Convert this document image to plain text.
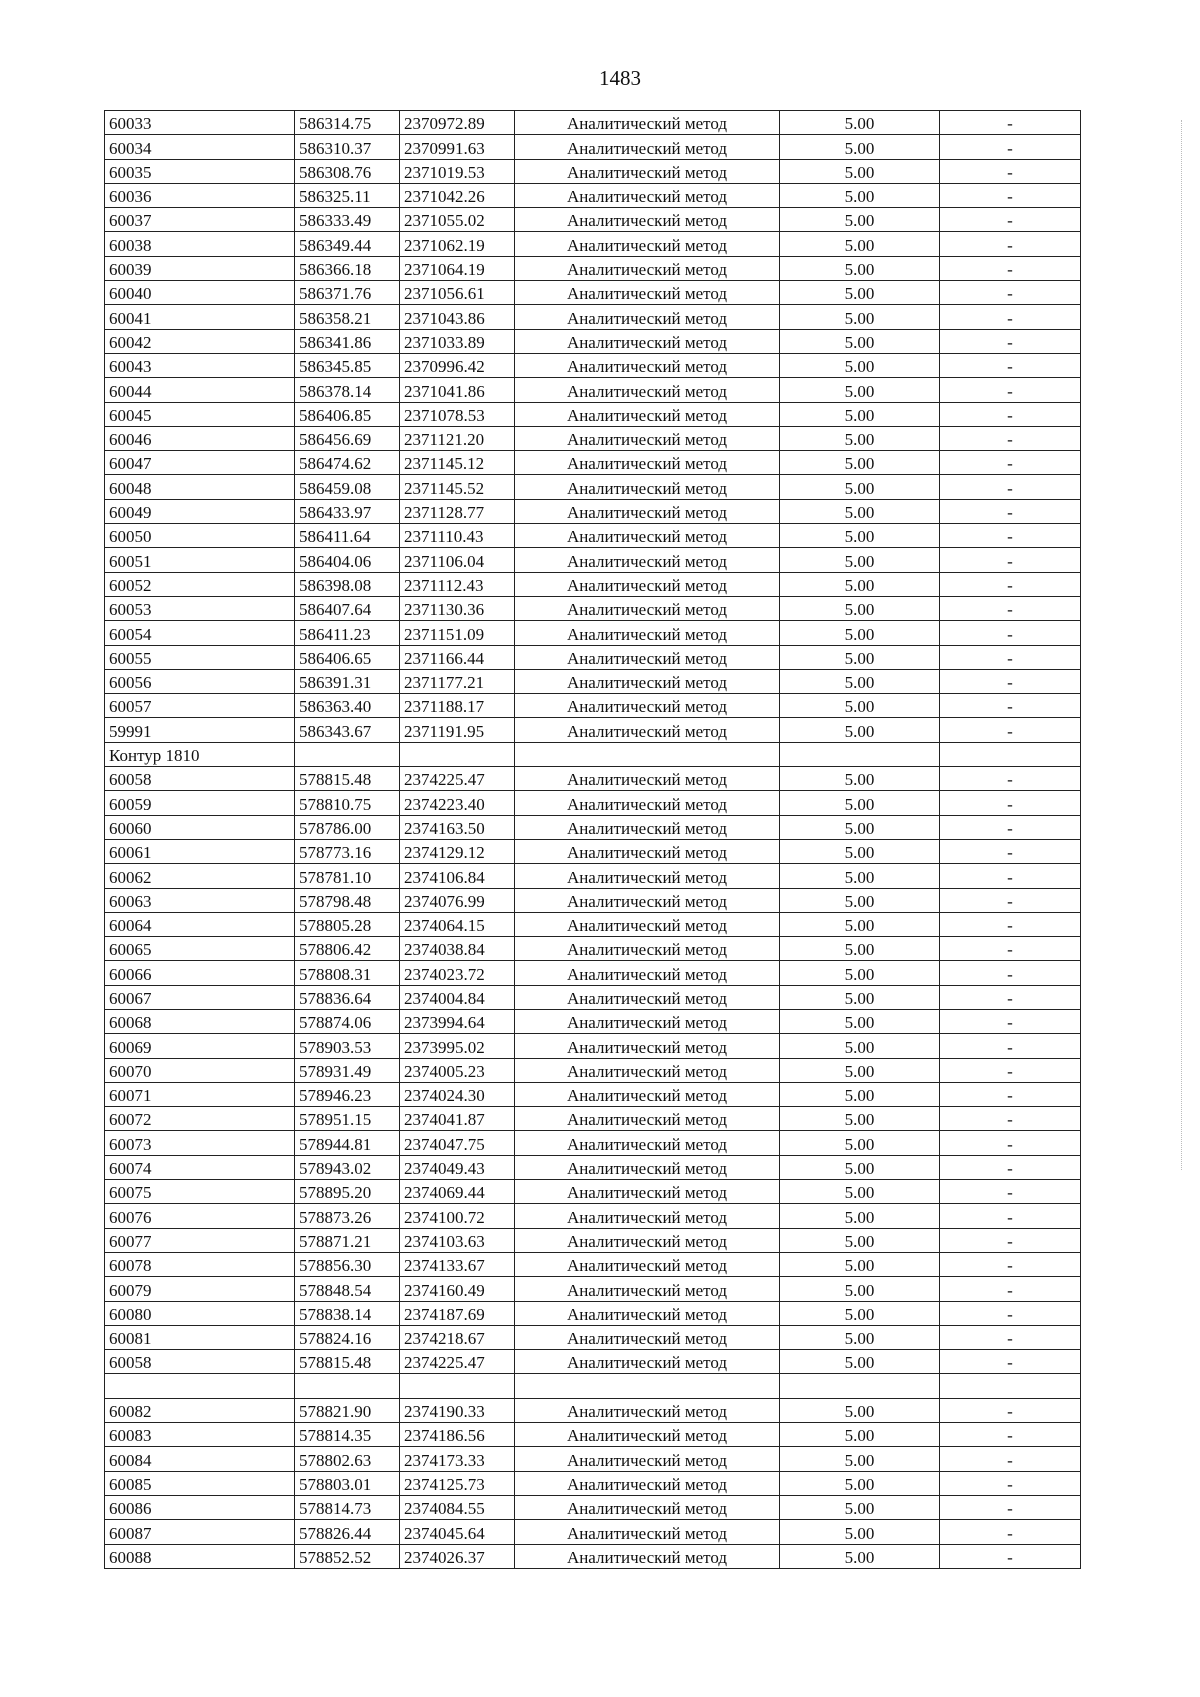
1483
60033	586314.75	2370972.89	Аналитический метод	5.00	-
60034	586310.37	2370991.63	Аналитический метод	5.00	-
60035	586308.76	2371019.53	Аналитический метод	5.00	-
60036	586325.11	2371042.26	Аналитический метод	5.00	-
60037	586333.49	2371055.02	Аналитический метод	5.00	-
60038	586349.44	2371062.19	Аналитический метод	5.00	-
60039	586366.18	2371064.19	Аналитический метод	5.00	-
60040	586371.76	2371056.61	Аналитический метод	5.00	-
60041	586358.21	2371043.86	Аналитический метод	5.00	-
60042	586341.86	2371033.89	Аналитический метод	5.00	-
60043	586345.85	2370996.42	Аналитический метод	5.00	-
60044	586378.14	2371041.86	Аналитический метод	5.00	-
60045	586406.85	2371078.53	Аналитический метод	5.00	-
60046	586456.69	2371121.20	Аналитический метод	5.00	-
60047	586474.62	2371145.12	Аналитический метод	5.00	-
60048	586459.08	2371145.52	Аналитический метод	5.00	-
60049	586433.97	2371128.77	Аналитический метод	5.00	-
60050	586411.64	2371110.43	Аналитический метод	5.00	-
60051	586404.06	2371106.04	Аналитический метод	5.00	-
60052	586398.08	2371112.43	Аналитический метод	5.00	-
60053	586407.64	2371130.36	Аналитический метод	5.00	-
60054	586411.23	2371151.09	Аналитический метод	5.00	-
60055	586406.65	2371166.44	Аналитический метод	5.00	-
60056	586391.31	2371177.21	Аналитический метод	5.00	-
60057	586363.40	2371188.17	Аналитический метод	5.00	-
59991	586343.67	2371191.95	Аналитический метод	5.00	-
Контур 1810					
60058	578815.48	2374225.47	Аналитический метод	5.00	-
60059	578810.75	2374223.40	Аналитический метод	5.00	-
60060	578786.00	2374163.50	Аналитический метод	5.00	-
60061	578773.16	2374129.12	Аналитический метод	5.00	-
60062	578781.10	2374106.84	Аналитический метод	5.00	-
60063	578798.48	2374076.99	Аналитический метод	5.00	-
60064	578805.28	2374064.15	Аналитический метод	5.00	-
60065	578806.42	2374038.84	Аналитический метод	5.00	-
60066	578808.31	2374023.72	Аналитический метод	5.00	-
60067	578836.64	2374004.84	Аналитический метод	5.00	-
60068	578874.06	2373994.64	Аналитический метод	5.00	-
60069	578903.53	2373995.02	Аналитический метод	5.00	-
60070	578931.49	2374005.23	Аналитический метод	5.00	-
60071	578946.23	2374024.30	Аналитический метод	5.00	-
60072	578951.15	2374041.87	Аналитический метод	5.00	-
60073	578944.81	2374047.75	Аналитический метод	5.00	-
60074	578943.02	2374049.43	Аналитический метод	5.00	-
60075	578895.20	2374069.44	Аналитический метод	5.00	-
60076	578873.26	2374100.72	Аналитический метод	5.00	-
60077	578871.21	2374103.63	Аналитический метод	5.00	-
60078	578856.30	2374133.67	Аналитический метод	5.00	-
60079	578848.54	2374160.49	Аналитический метод	5.00	-
60080	578838.14	2374187.69	Аналитический метод	5.00	-
60081	578824.16	2374218.67	Аналитический метод	5.00	-
60058	578815.48	2374225.47	Аналитический метод	5.00	-

60082	578821.90	2374190.33	Аналитический метод	5.00	-
60083	578814.35	2374186.56	Аналитический метод	5.00	-
60084	578802.63	2374173.33	Аналитический метод	5.00	-
60085	578803.01	2374125.73	Аналитический метод	5.00	-
60086	578814.73	2374084.55	Аналитический метод	5.00	-
60087	578826.44	2374045.64	Аналитический метод	5.00	-
60088	578852.52	2374026.37	Аналитический метод	5.00	-
